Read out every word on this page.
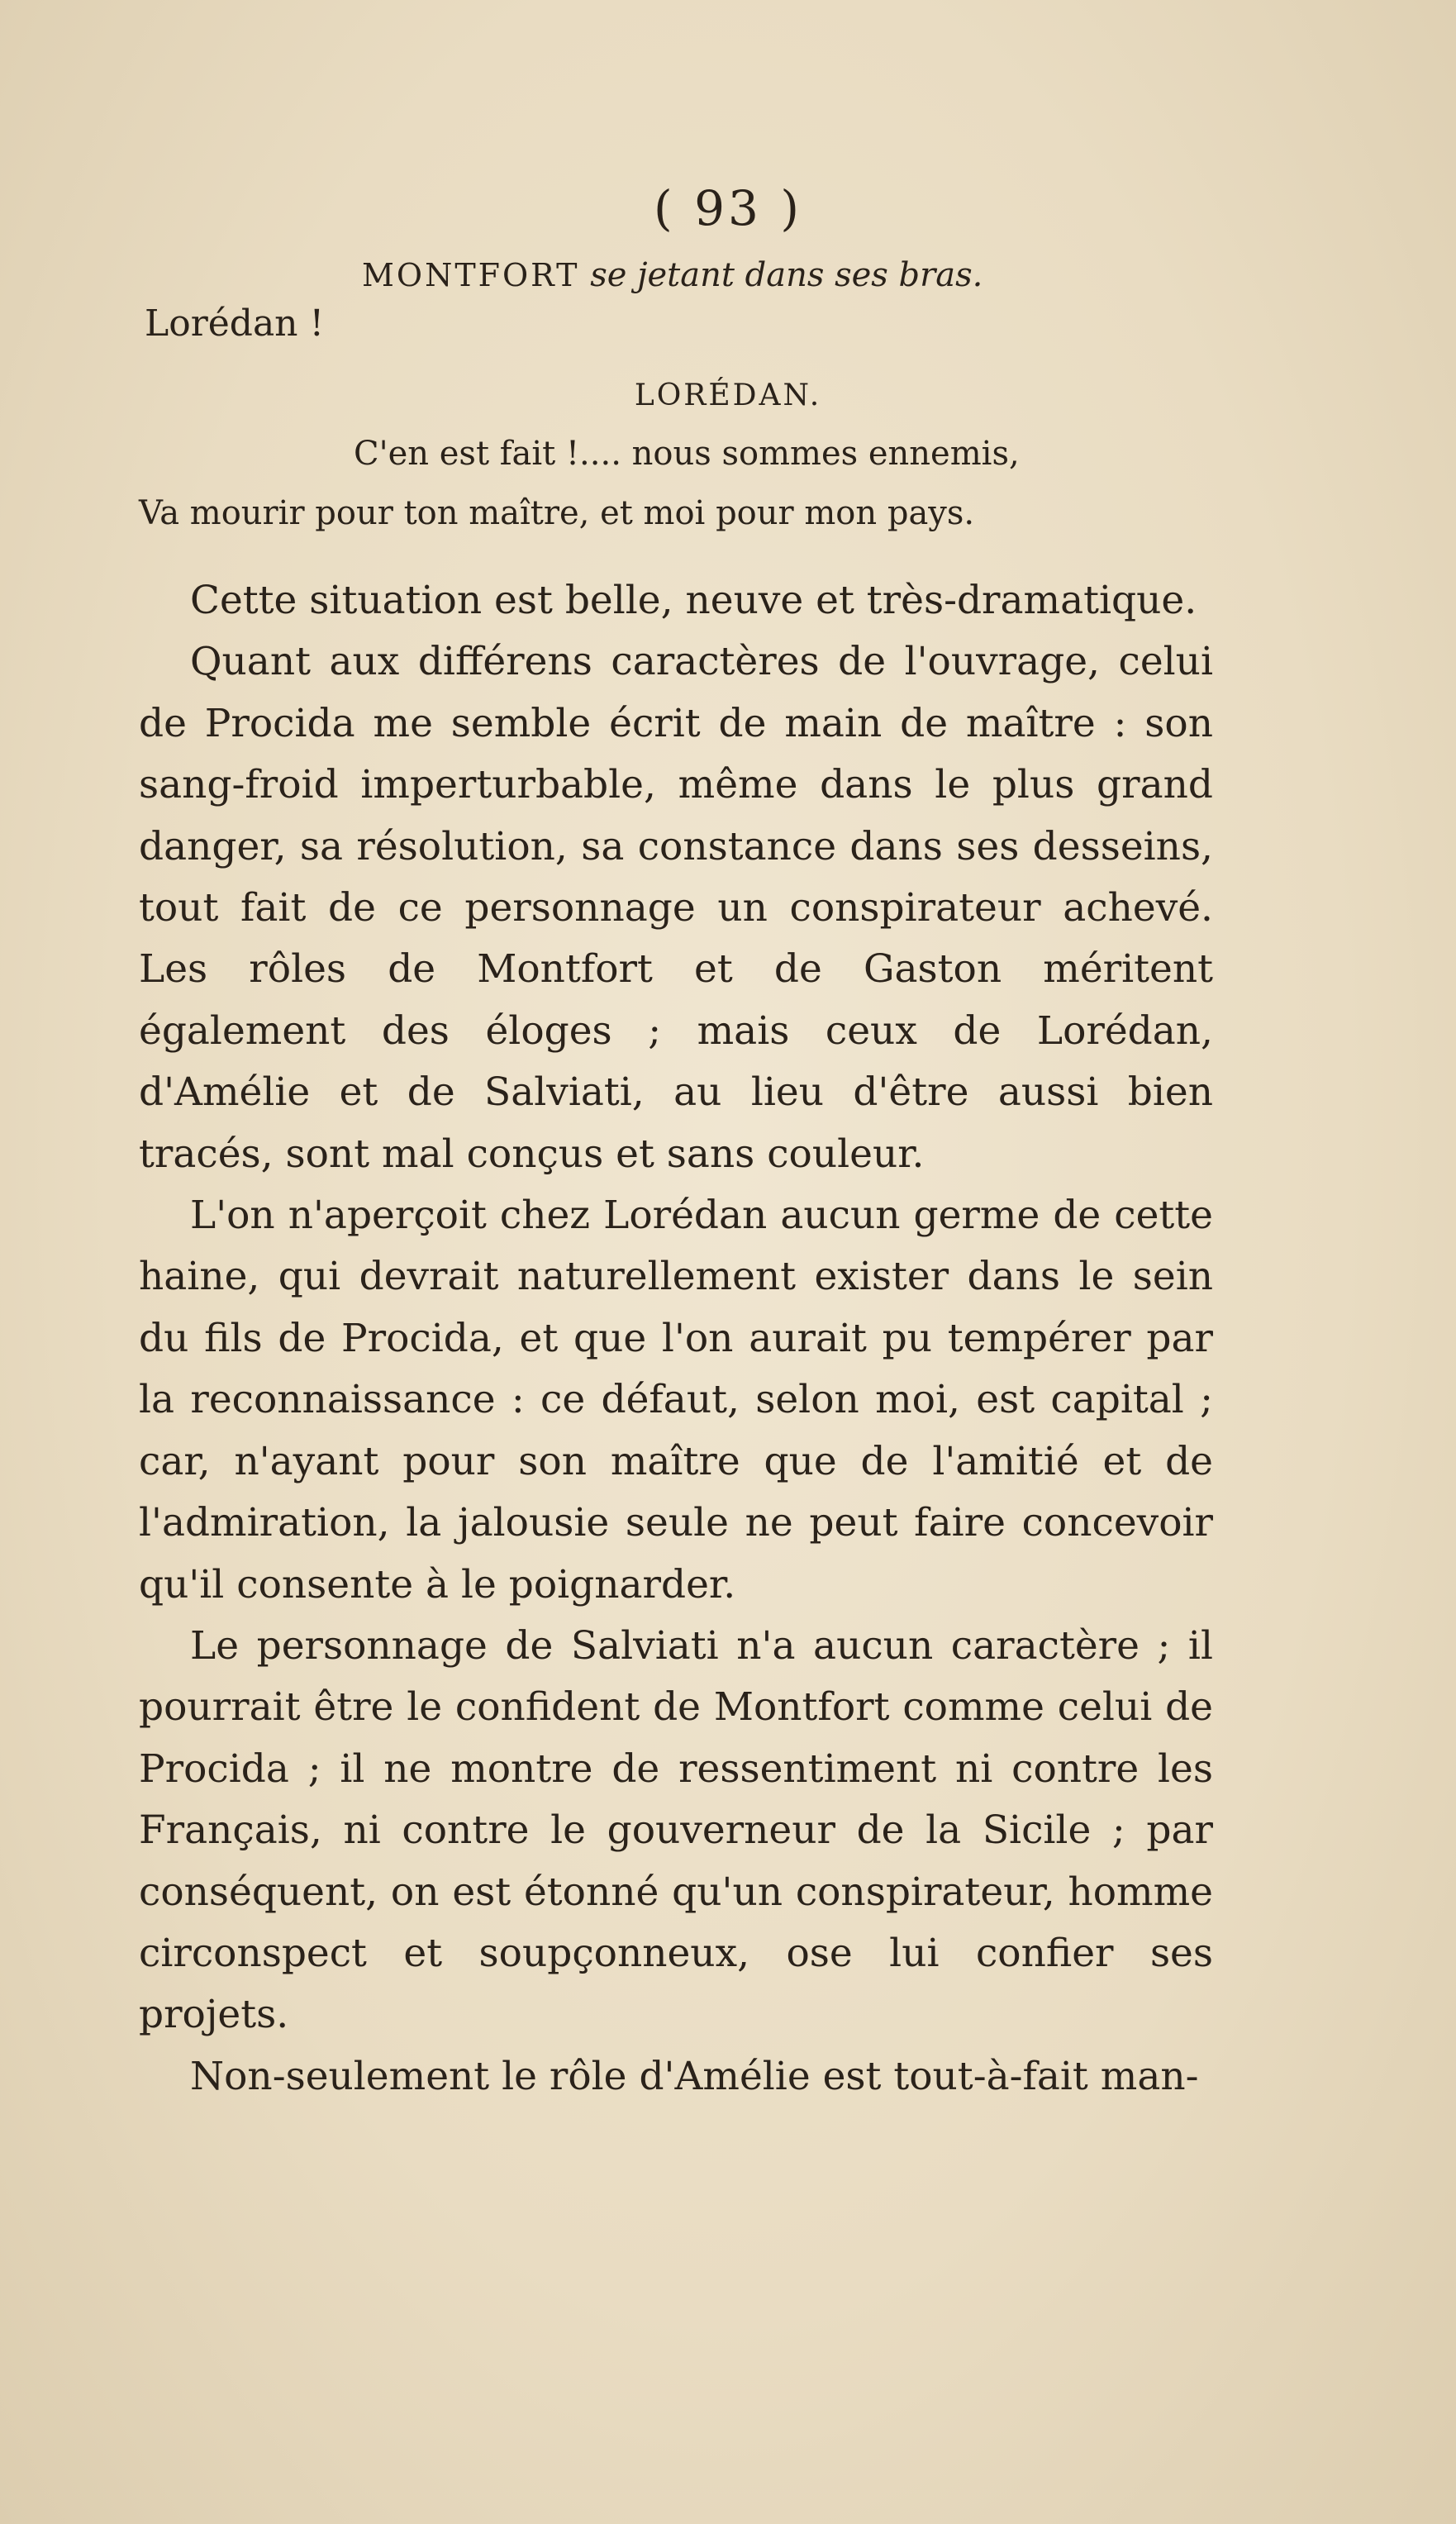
( 93 )
MONTFORT se jetant dans ses bras.
Lorédan !
LORÉDAN.
C'en est fait !.... nous sommes ennemis,
Va mourir pour ton maître, et moi pour mon pays.

Cette situation est belle, neuve et très-dramatique.

Quant aux différens caractères de l'ouvrage, celui de Procida me semble écrit de main de maître : son sang-froid imperturbable, même dans le plus grand danger, sa résolution, sa constance dans ses desseins, tout fait de ce personnage un conspirateur achevé. Les rôles de Montfort et de Gaston méritent également des éloges ; mais ceux de Lorédan, d'Amélie et de Salviati, au lieu d'être aussi bien tracés, sont mal conçus et sans couleur.

L'on n'aperçoit chez Lorédan aucun germe de cette haine, qui devrait naturellement exister dans le sein du fils de Procida, et que l'on aurait pu tempérer par la reconnaissance : ce défaut, selon moi, est capital ; car, n'ayant pour son maître que de l'amitié et de l'admiration, la jalousie seule ne peut faire concevoir qu'il consente à le poignarder.

Le personnage de Salviati n'a aucun caractère ; il pourrait être le confident de Montfort comme celui de Procida ; il ne montre de ressentiment ni contre les Français, ni contre le gouverneur de la Sicile ; par conséquent, on est étonné qu'un conspirateur, homme circonspect et soupçonneux, ose lui confier ses projets.

Non-seulement le rôle d'Amélie est tout-à-fait man-
